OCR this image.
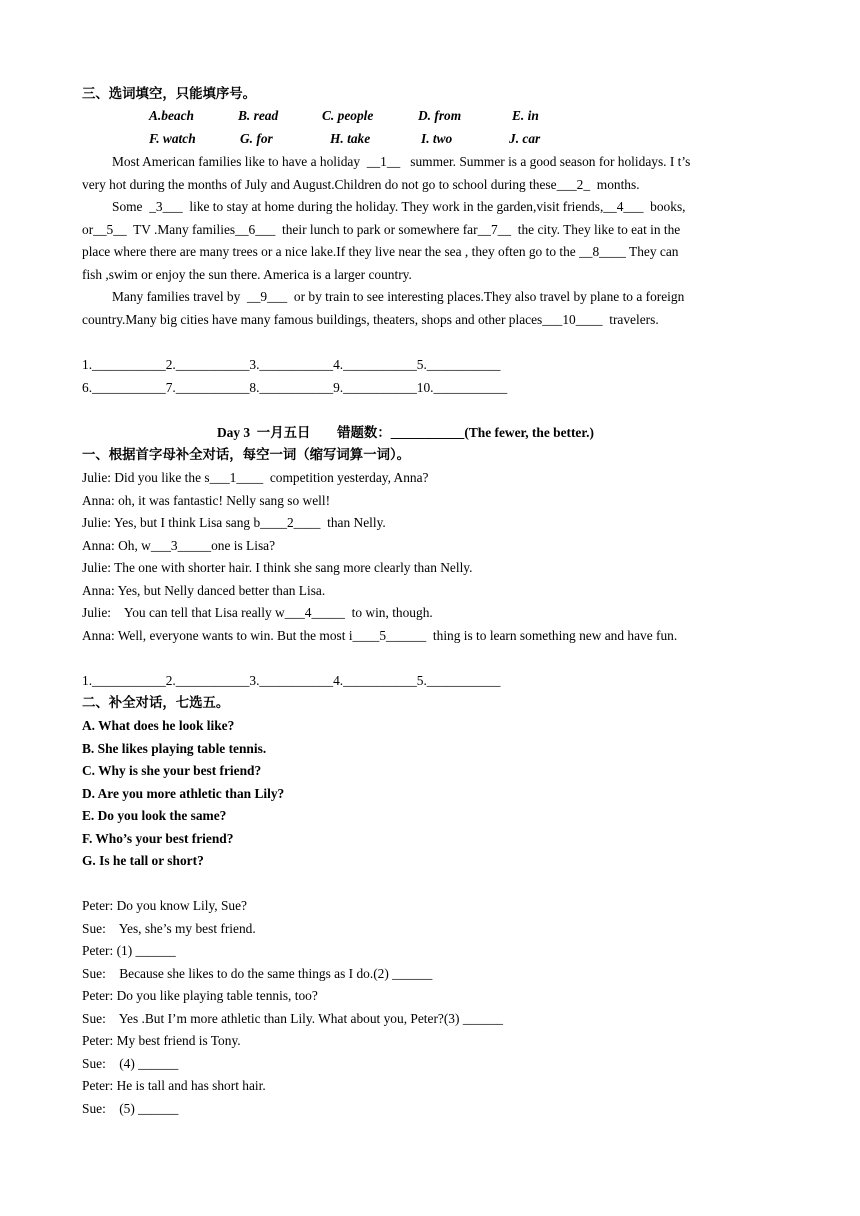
三、选词填空，只能填序号。
A.beach	B. read	C. people	D. from	E. in
F. watch	G. for	H. take	I. two	J. car
Most American families like to have a holiday  __1__   summer. Summer is a good season for holidays. I t’s
very hot during the months of July and August.Children do not go to school during these___2_  months.
Some  _3___  like to stay at home during the holiday. They work in the garden,visit friends,__4___  books,
or__5__  TV .Many families__6___  their lunch to park or somewhere far__7__  the city. They like to eat in the
place where there are many trees or a nice lake.If they live near the sea , they often go to the __8____ They can
fish ,swim or enjoy the sun there. America is a larger country.
Many families travel by  __9___  or by train to see interesting places.They also travel by plane to a foreign
country.Many big cities have many famous buildings, theaters, shops and other places___10____  travelers.
1.___________2.___________3.___________4.___________5.___________
6.___________7.___________8.___________9.___________10.___________
Day 3  一月五日        错题数：___________(The fewer, the better.)
一、根据首字母补全对话，每空一词（缩写词算一词）。
Julie: Did you like the s___1____  competition yesterday, Anna?
Anna: oh, it was fantastic! Nelly sang so well!
Julie: Yes, but I think Lisa sang b____2____  than Nelly.
Anna: Oh, w___3_____one is Lisa?
Julie: The one with shorter hair. I think she sang more clearly than Nelly.
Anna: Yes, but Nelly danced better than Lisa.
Julie:    You can tell that Lisa really w___4_____  to win, though.
Anna: Well, everyone wants to win. But the most i____5______  thing is to learn something new and have fun.
1.___________2.___________3.___________4.___________5.___________
二、补全对话，七选五。
A. What does he look like?
B. She likes playing table tennis.
C. Why is she your best friend?
D. Are you more athletic than Lily?
E. Do you look the same?
F. Who’s your best friend?
G. Is he tall or short?
Peter: Do you know Lily, Sue?
Sue:    Yes, she’s my best friend.
Peter: (1) ______
Sue:    Because she likes to do the same things as I do.(2) ______
Peter: Do you like playing table tennis, too?
Sue:    Yes .But I’m more athletic than Lily. What about you, Peter?(3) ______
Peter: My best friend is Tony.
Sue:    (4) ______
Peter: He is tall and has short hair.
Sue:    (5) ______
